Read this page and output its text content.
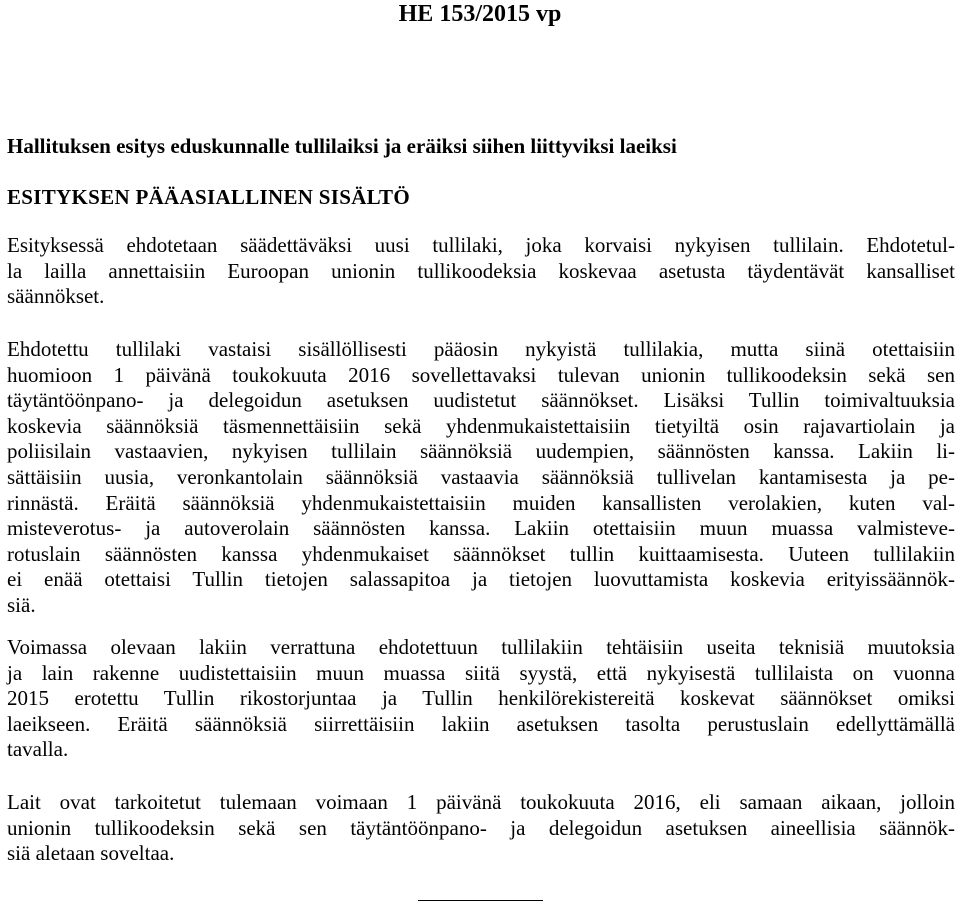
HE 153/2015 vp
Hallituksen esitys eduskunnalle tullilaiksi ja eräiksi siihen liittyviksi laeiksi
ESITYKSEN PÄÄASIALLINEN SISÄLTÖ
Esityksessä ehdotetaan säädettäväksi uusi tullilaki, joka korvaisi nykyisen tullilain. Ehdotetul-
la lailla annettaisiin Euroopan unionin tullikoodeksia koskevaa asetusta täydentävät kansalliset
säännökset.
Ehdotettu tullilaki vastaisi sisällöllisesti pääosin nykyistä tullilakia, mutta siinä otettaisiin
huomioon 1 päivänä toukokuuta 2016 sovellettavaksi tulevan unionin tullikoodeksin sekä sen
täytäntöönpano- ja delegoidun asetuksen uudistetut säännökset. Lisäksi Tullin toimivaltuuksia
koskevia säännöksiä täsmennettäisiin sekä yhdenmukaistettaisiin tietyiltä osin rajavartiolain ja
poliisilain vastaavien, nykyisen tullilain säännöksiä uudempien, säännösten kanssa. Lakiin li-
sättäisiin uusia, veronkantolain säännöksiä vastaavia säännöksiä tullivelan kantamisesta ja pe-
rinnästä. Eräitä säännöksiä yhdenmukaistettaisiin muiden kansallisten verolakien, kuten val-
misteverotus- ja autoverolain säännösten kanssa. Lakiin otettaisiin muun muassa valmisteve-
rotuslain säännösten kanssa yhdenmukaiset säännökset tullin kuittaamisesta. Uuteen tullilakiin
ei enää otettaisi Tullin tietojen salassapitoa ja tietojen luovuttamista koskevia erityissäännök-
siä.
Voimassa olevaan lakiin verrattuna ehdotettuun tullilakiin tehtäisiin useita teknisiä muutoksia
ja lain rakenne uudistettaisiin muun muassa siitä syystä, että nykyisestä tullilaista on vuonna
2015 erotettu Tullin rikostorjuntaa ja Tullin henkilörekistereitä koskevat säännökset omiksi
laeikseen. Eräitä säännöksiä siirrettäisiin lakiin asetuksen tasolta perustuslain edellyttämällä
tavalla.
Lait ovat tarkoitetut tulemaan voimaan 1 päivänä toukokuuta 2016, eli samaan aikaan, jolloin
unionin tullikoodeksin sekä sen täytäntöönpano- ja delegoidun asetuksen aineellisia säännök-
siä aletaan soveltaa.
